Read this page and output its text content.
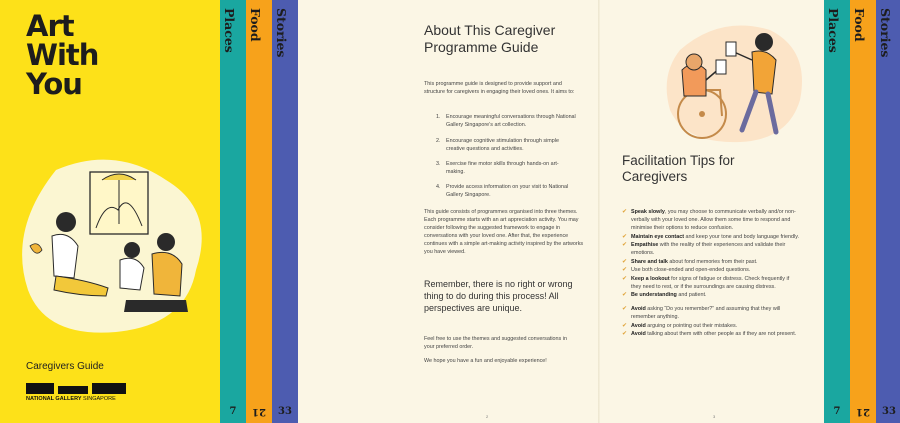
Art
With
You
Caregivers Guide
NATIONAL GALLERY SINGAPORE
Places
7
Food
21
Stories
33
About This Caregiver Programme Guide
This programme guide is designed to provide support and structure for caregivers in engaging their loved ones. It aims to:
1.	Encourage meaningful conversations through National Gallery Singapore’s art collection.
2.	Encourage cognitive stimulation through simple creative questions and activities.
3.	Exercise fine motor skills through hands-on art-making.
4.	Provide access information on your visit to National Gallery Singapore.
This guide consists of programmes organised into three themes. Each programme starts with an art appreciation activity. You may consider following the suggested framework to engage in conversations with your loved one. After that, the experience continues with a simple art-making activity inspired by the artworks you have viewed.
Remember, there is no right or wrong thing to do during this process! All perspectives are unique.
Feel free to use the themes and suggested conversations in your preferred order.
We hope you have a fun and enjoyable experience!
2
Facilitation Tips for Caregivers
✔ Speak slowly, you may choose to communicate verbally and/or non-verbally with your loved one. Allow them some time to respond and minimise their options to reduce confusion.
✔ Maintain eye contact and keep your tone and body language friendly.
✔ Empathise with the reality of their experiences and validate their emotions.
✔ Share and talk about fond memories from their past.
✔ Use both close-ended and open-ended questions.
✔ Keep a lookout for signs of fatigue or distress. Check frequently if they need to rest, or if the surroundings are causing distress.
✔ Be understanding and patient.
✔ Avoid asking “Do you remember?” and assuming that they will remember anything.
✔ Avoid arguing or pointing out their mistakes.
✔ Avoid talking about them with other people as if they are not present.
3
Places
7
Food
21
Stories
33
